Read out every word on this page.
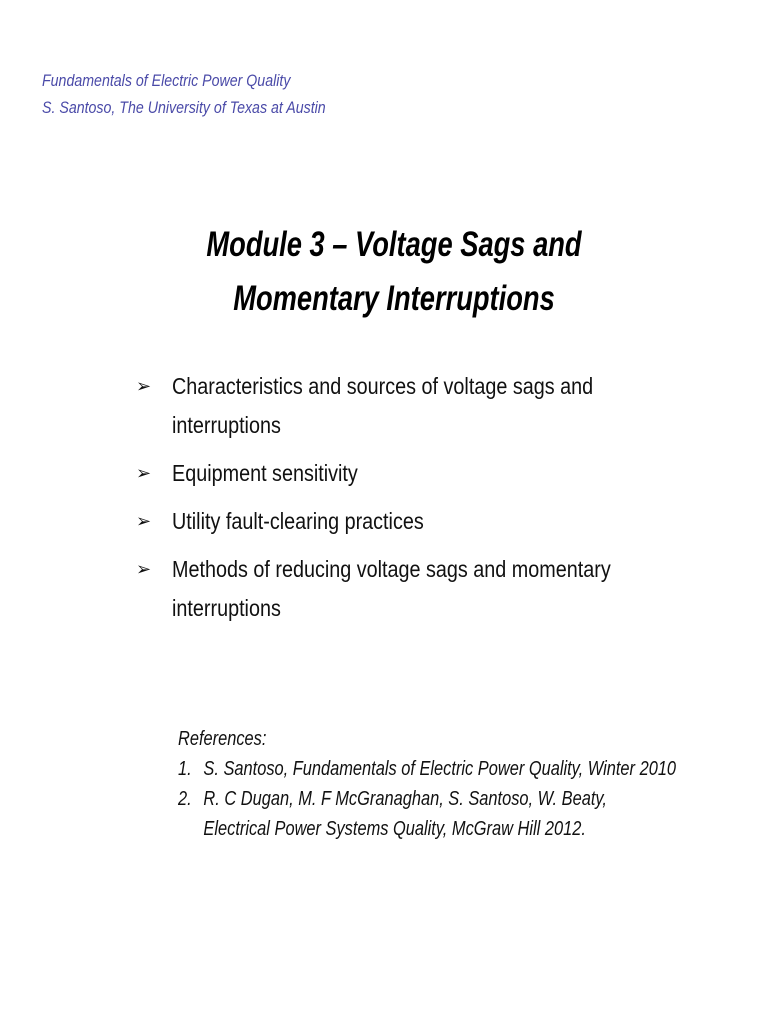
Fundamentals of Electric Power Quality
S. Santoso, The University of Texas at Austin
Module 3 – Voltage Sags and
Momentary Interruptions
➢ Characteristics and sources of voltage sags and
interruptions
➢ Equipment sensitivity
➢ Utility fault-clearing practices
➢ Methods of reducing voltage sags and momentary
interruptions
References:
1. S. Santoso, Fundamentals of Electric Power Quality, Winter 2010
2. R. C Dugan, M. F McGranaghan, S. Santoso, W. Beaty,
Electrical Power Systems Quality, McGraw Hill 2012.
